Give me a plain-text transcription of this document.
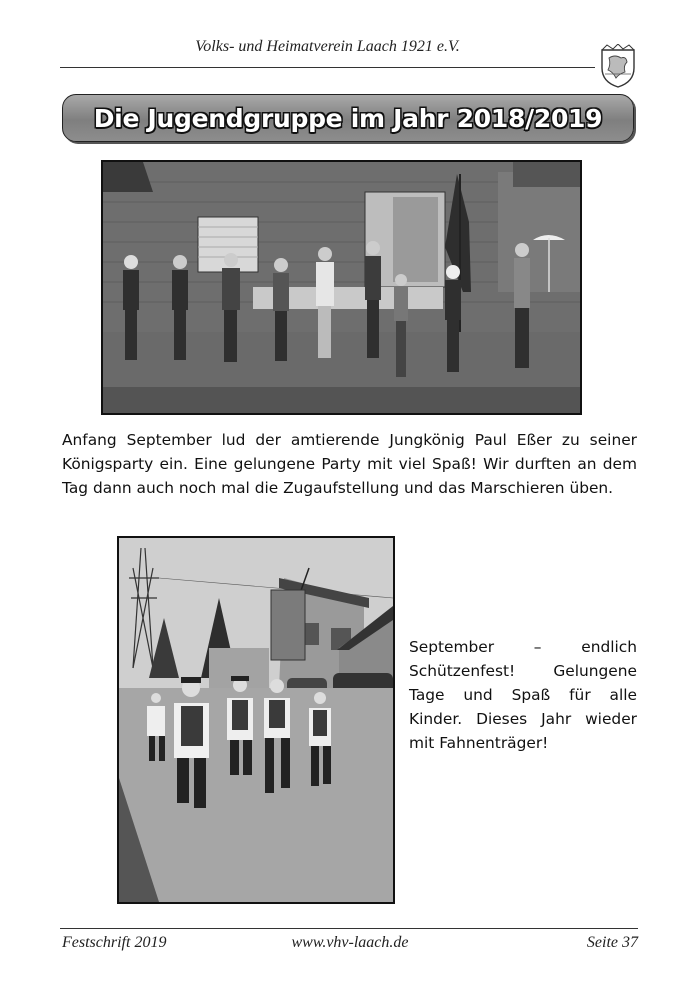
Volks- und Heimatverein Laach 1921 e.V.
Die Jugendgruppe im Jahr 2018/2019
Anfang September lud der amtierende Jungkönig Paul Eßer zu seiner Königsparty ein. Eine gelungene Party mit viel Spaß! Wir durften an dem Tag dann auch noch mal die Zugaufstellung und das Marschieren üben.
September – endlich Schützenfest! Gelungene Tage und Spaß für alle Kinder. Dieses Jahr wieder mit Fahnenträger!
Festschrift 2019	www.vhv-laach.de	Seite 37
